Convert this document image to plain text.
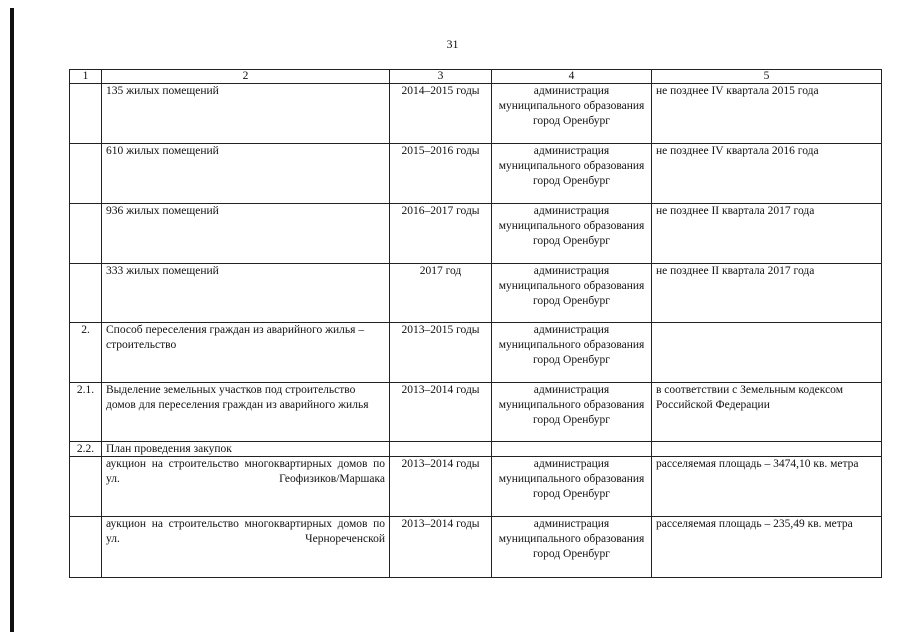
31
1	2	3	4	5
	135 жилых помещений	2014–2015 годы	администрация муниципального образования город Оренбург	не позднее IV квартала 2015 года
	610 жилых помещений	2015–2016 годы	администрация муниципального образования город Оренбург	не позднее IV квартала 2016 года
	936 жилых помещений	2016–2017 годы	администрация муниципального образования город Оренбург	не позднее II квартала 2017 года
	333 жилых помещений	2017 год	администрация муниципального образования город Оренбург	не позднее II квартала 2017 года
2.	Способ переселения граждан из аварийного жилья – строительство	2013–2015 годы	администрация муниципального образования город Оренбург	
2.1.	Выделение земельных участков под строительство домов для переселения граждан из аварийного жилья	2013–2014 годы	администрация муниципального образования город Оренбург	в соответствии с Земельным кодексом Российской Федерации
2.2.	План проведения закупок			
	аукцион на строительство многоквартирных домов по ул. Геофизиков/Маршака	2013–2014 годы	администрация муниципального образования город Оренбург	расселяемая площадь – 3474,10 кв. метра
	аукцион на строительство многоквартирных домов по ул. Чернореченской	2013–2014 годы	администрация муниципального образования город Оренбург	расселяемая площадь – 235,49 кв. метра
